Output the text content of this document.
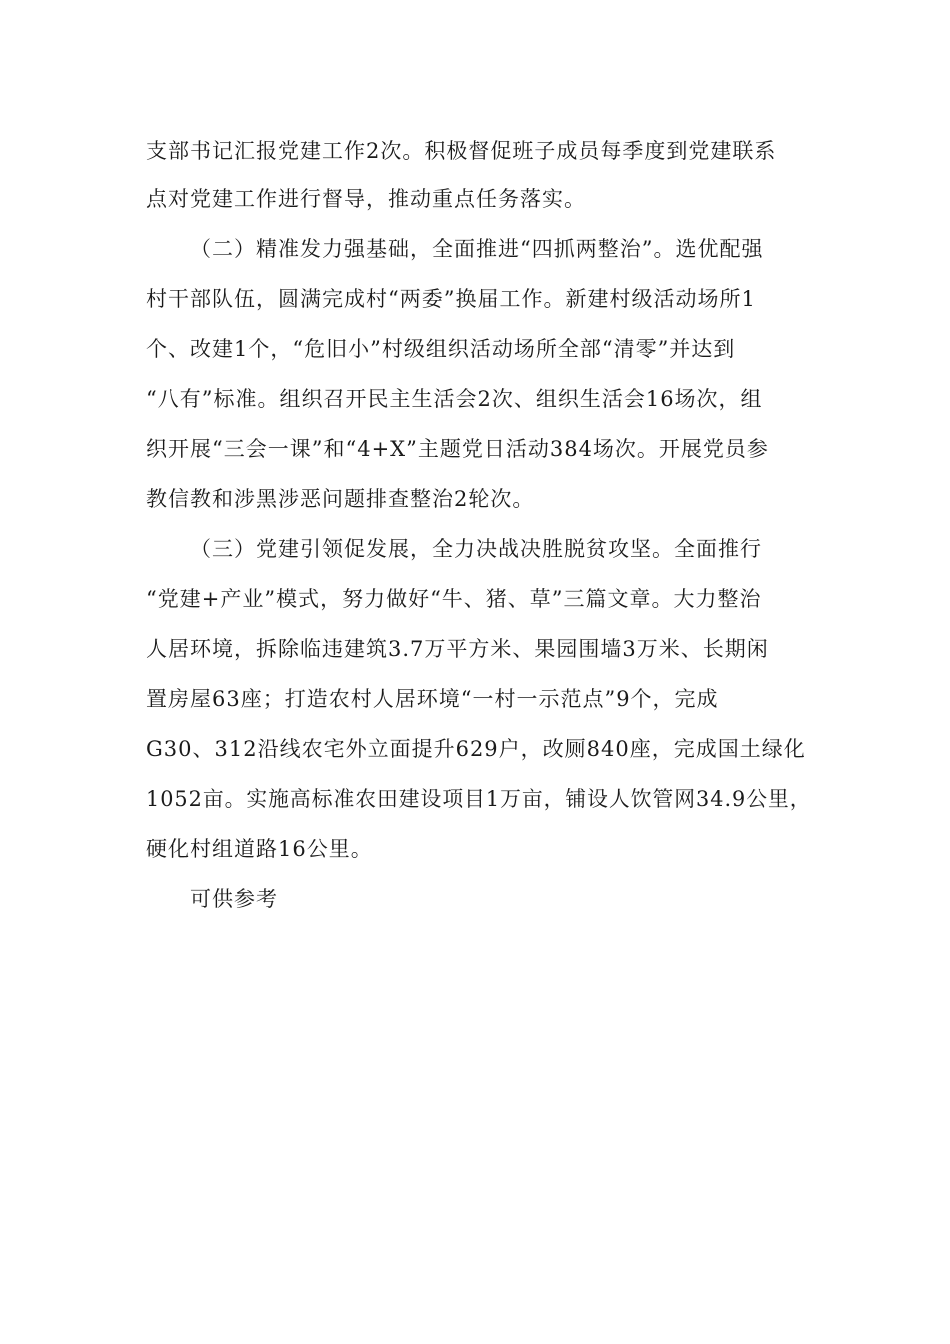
支部书记汇报党建工作2次。积极督促班子成员每季度到党建联系
点对党建工作进行督导，推动重点任务落实。
（二）精准发力强基础，全面推进“四抓两整治”。选优配强
村干部队伍，圆满完成村“两委”换届工作。新建村级活动场所1
个、改建1个，“危旧小”村级组织活动场所全部“清零”并达到
“八有”标准。组织召开民主生活会2次、组织生活会16场次，组
织开展“三会一课”和“4+X”主题党日活动384场次。开展党员参
教信教和涉黑涉恶问题排查整治2轮次。
（三）党建引领促发展，全力决战决胜脱贫攻坚。全面推行
“党建+产业”模式，努力做好“牛、猪、草”三篇文章。大力整治
人居环境，拆除临违建筑3.7万平方米、果园围墙3万米、长期闲
置房屋63座；打造农村人居环境“一村一示范点”9个，完成
G30、312沿线农宅外立面提升629户，改厕840座，完成国土绿化
1052亩。实施高标准农田建设项目1万亩，铺设人饮管网34.9公里，
硬化村组道路16公里。
可供参考
